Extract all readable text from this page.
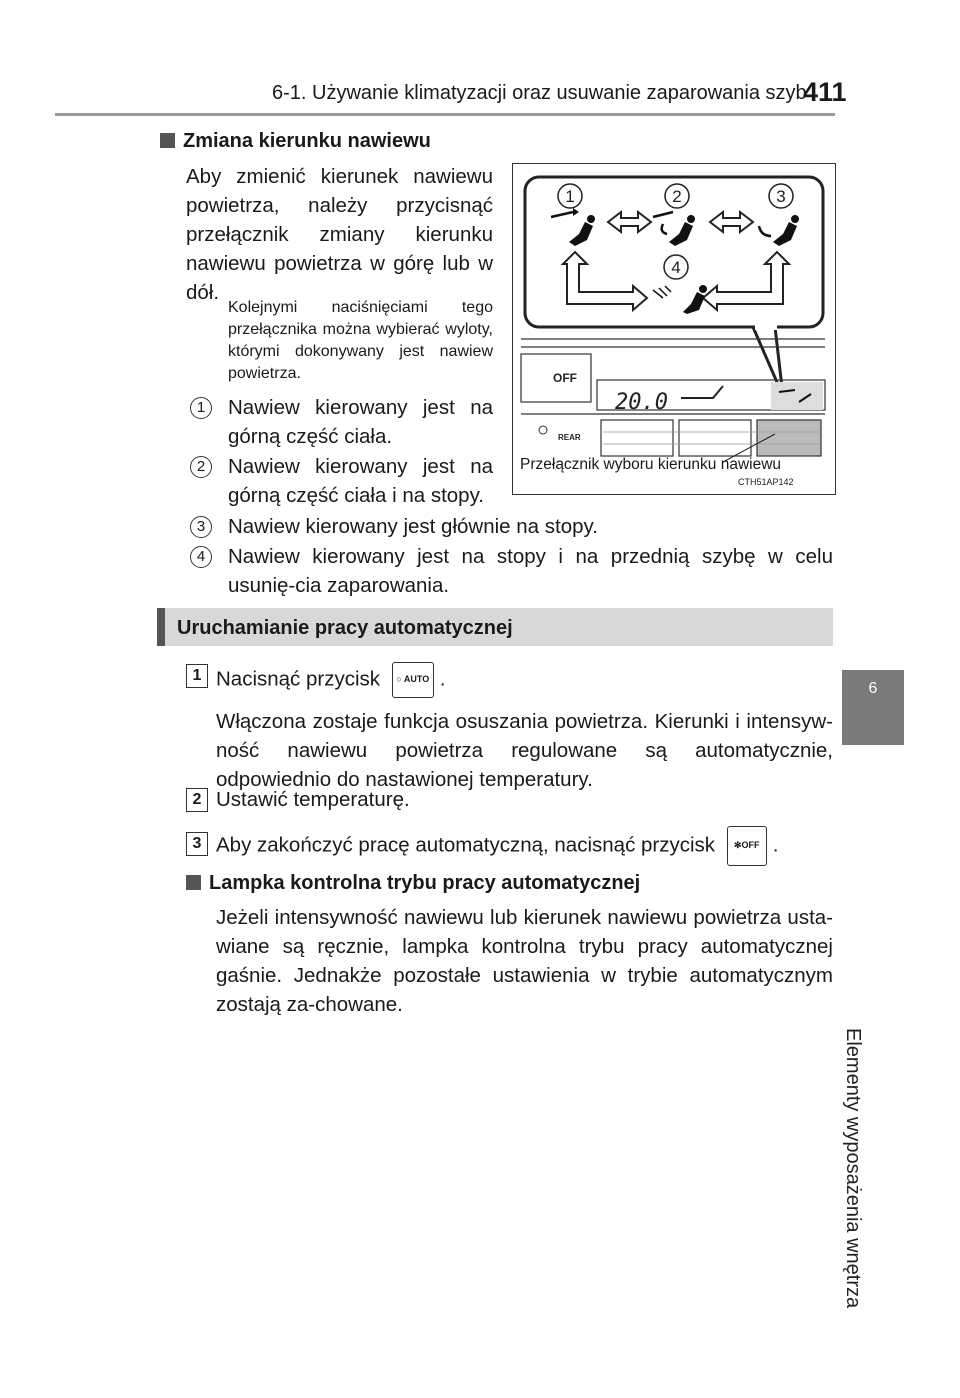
6-1. Używanie klimatyzacji oraz usuwanie zaparowania szyb
411
6
Elementy wyposażenia wnętrza
Zmiana kierunku nawiewu
Aby zmienić kierunek nawiewu powietrza, należy przycisnąć przełącznik zmiany kierunku nawiewu powietrza w górę lub w dół.
Kolejnymi naciśnięciami tego przełącznika można wybierać wyloty, którymi dokonywany jest nawiew powietrza.
1	Nawiew kierowany jest na górną część ciała.
2	Nawiew kierowany jest na górną część ciała i na stopy.
3	Nawiew kierowany jest głównie na stopy.
4	Nawiew kierowany jest na stopy i na przednią szybę w celu usunię-cia zaparowania.
1	2	3
4
OFF
20.0
REAR
Przełącznik wyboru kierunku nawiewu
CTH51AP142
Uruchamianie pracy automatycznej
1 Nacisnąć przycisk ○ AUTO .
Włączona zostaje funkcja osuszania powietrza. Kierunki i intensyw-ność nawiewu powietrza regulowane są automatycznie, odpowiednio do nastawionej temperatury.
2 Ustawić temperaturę.
3 Aby zakończyć pracę automatyczną, nacisnąć przycisk ✻OFF .
Lampka kontrolna trybu pracy automatycznej
Jeżeli intensywność nawiewu lub kierunek nawiewu powietrza usta-wiane są ręcznie, lampka kontrolna trybu pracy automatycznej gaśnie. Jednakże pozostałe ustawienia w trybie automatycznym zostają za-chowane.
